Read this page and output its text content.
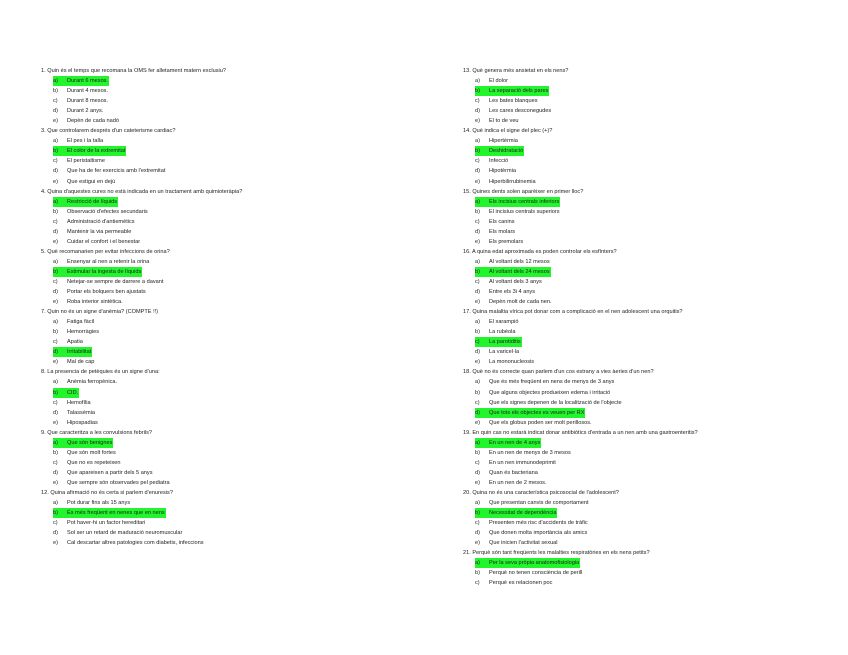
1. Quin és el temps que recomana la OMS fer alletament matern exclusiu?
a) Durant 6 mesos.
b) Durant 4 mesos.
c) Durant 8 mesos.
d) Durant 2 anys.
e) Depèn de cada nadó
3. Que controlarem després d'un cateterisme cardiac?
a) El pes i la talla
b) El color de la extremitat
c) El peristaltisme
d) Que ha de fer exercicis amb l'extremitat
e) Que estigui en dejú
4. Quina d'aquestes cures no està indicada en un tractament amb quimioteràpia?
a) Restricció de líquids
b) Observació d'efectes secundaris
c) Administració d'antiemètics
d) Mantenir la via permeable
e) Cuidar el confort i el benestar
5. Què recomanarien per evitar infeccions de orina?
a) Ensenyar al nen a retenir la orina
b) Estimular la ingesta de líquids
c) Netejar-se sempre de darrere a davant
d) Portar els bolquers ben ajustats
e) Roba interior sintètica.
7. Quin no és un signe d'anèmia? (COMPTE !!)
a) Fatiga fàcil
b) Hemorràgies
c) Apatia
d) Irritabilitat
e) Mal de cap
8. La presencia de petèquies és un signe d'una:
a) Anèmia ferropènica.
b) CID.
c) Hemofília
d) Talassèmia
e) Hipospadias
9. Que caracteritza a les convulsions febrils?
a) Que són benignes
b) Que són molt fortes
c) Que no es repeteixen
d) Que apareixen a partir dels 5 anys
e) Que sempre són observades pel pediatra
12. Quina afirmació no és certa si parlem d'enuresis?
a) Pot durar fins als 15 anys
b) És més freqüent en nenes que en nens
c) Pot haver-hi un factor hereditari
d) Sol ser un retard de maduració neuromuscular
e) Cal descartar altres patologies com diabetis, infeccions
13. Què genera més ansietat en els nens?
a) El dolor
b) La separació dels pares
c) Les bates blanques
d) Les cares desconegudes
e) El to de veu
14. Què indica el signe del plec (+)?
a) Hipertèrmia
b) Deshidratació
c) Infecció
d) Hipotèrmia
e) Hiperbilirrubinemia
15. Quines dents solen aparèixer en primer lloc?
a) Els incisius centrals inferiors
b) El incisius centrals superiors
c) Els canins
d) Els molars
e) Els premolars
16. A quina edat aproximada es poden controlar els esfínters?
a) Al voltant dels 12 mesos
b) Al voltant dels 24 mesos
c) Al voltant dels 3 anys
d) Entre els 3i 4 anys
e) Depèn molt de cada nen.
17. Quina malaltia vírica pot donar com a complicació en el nen adolescent una orquitis?
a) El xarampió
b) La rubèola
c) La parotiditis
d) La varicel·la
e) La mononucleosis
18. Què no és correcte quan parlem d'un cos estrany a vies àeries d'un nen?
a) Que és més freqüent en nens de menys de 3 anys
b) Que alguns objectes produeixen edema i irritació
c) Que els signes depenen de la localització de l'objecte
d) Que tots els objectes es veuen per RX
e) Que els globus poden ser molt perillosos.
19. En quin cas no estarà indicat donar antibiòtics d'entrada a un nen amb una gastroenteritis?
a) En un nen de 4 anys
b) En un nen de menys de 3 mesos
c) En un nen immunodeprimit
d) Quan és bacteriana
e) En un nen de 2 mesos.
20. Quina no és una característica psicosocial de l'adolescent?
a) Que presentan canvis de comportament
b) Necessitat de dependència
c) Presenten més risc d'accidents de tràfic
d) Que donen molta importància als amics
e) Que inicien l'activitat sexual
21. Perquè són tant freqüents les malalties respiratòries en els nens petits?
a) Per la seva pròpia anatomofisiologia
b) Perquè no tenen consciència de perill
c) Perquè es relacionen poc
